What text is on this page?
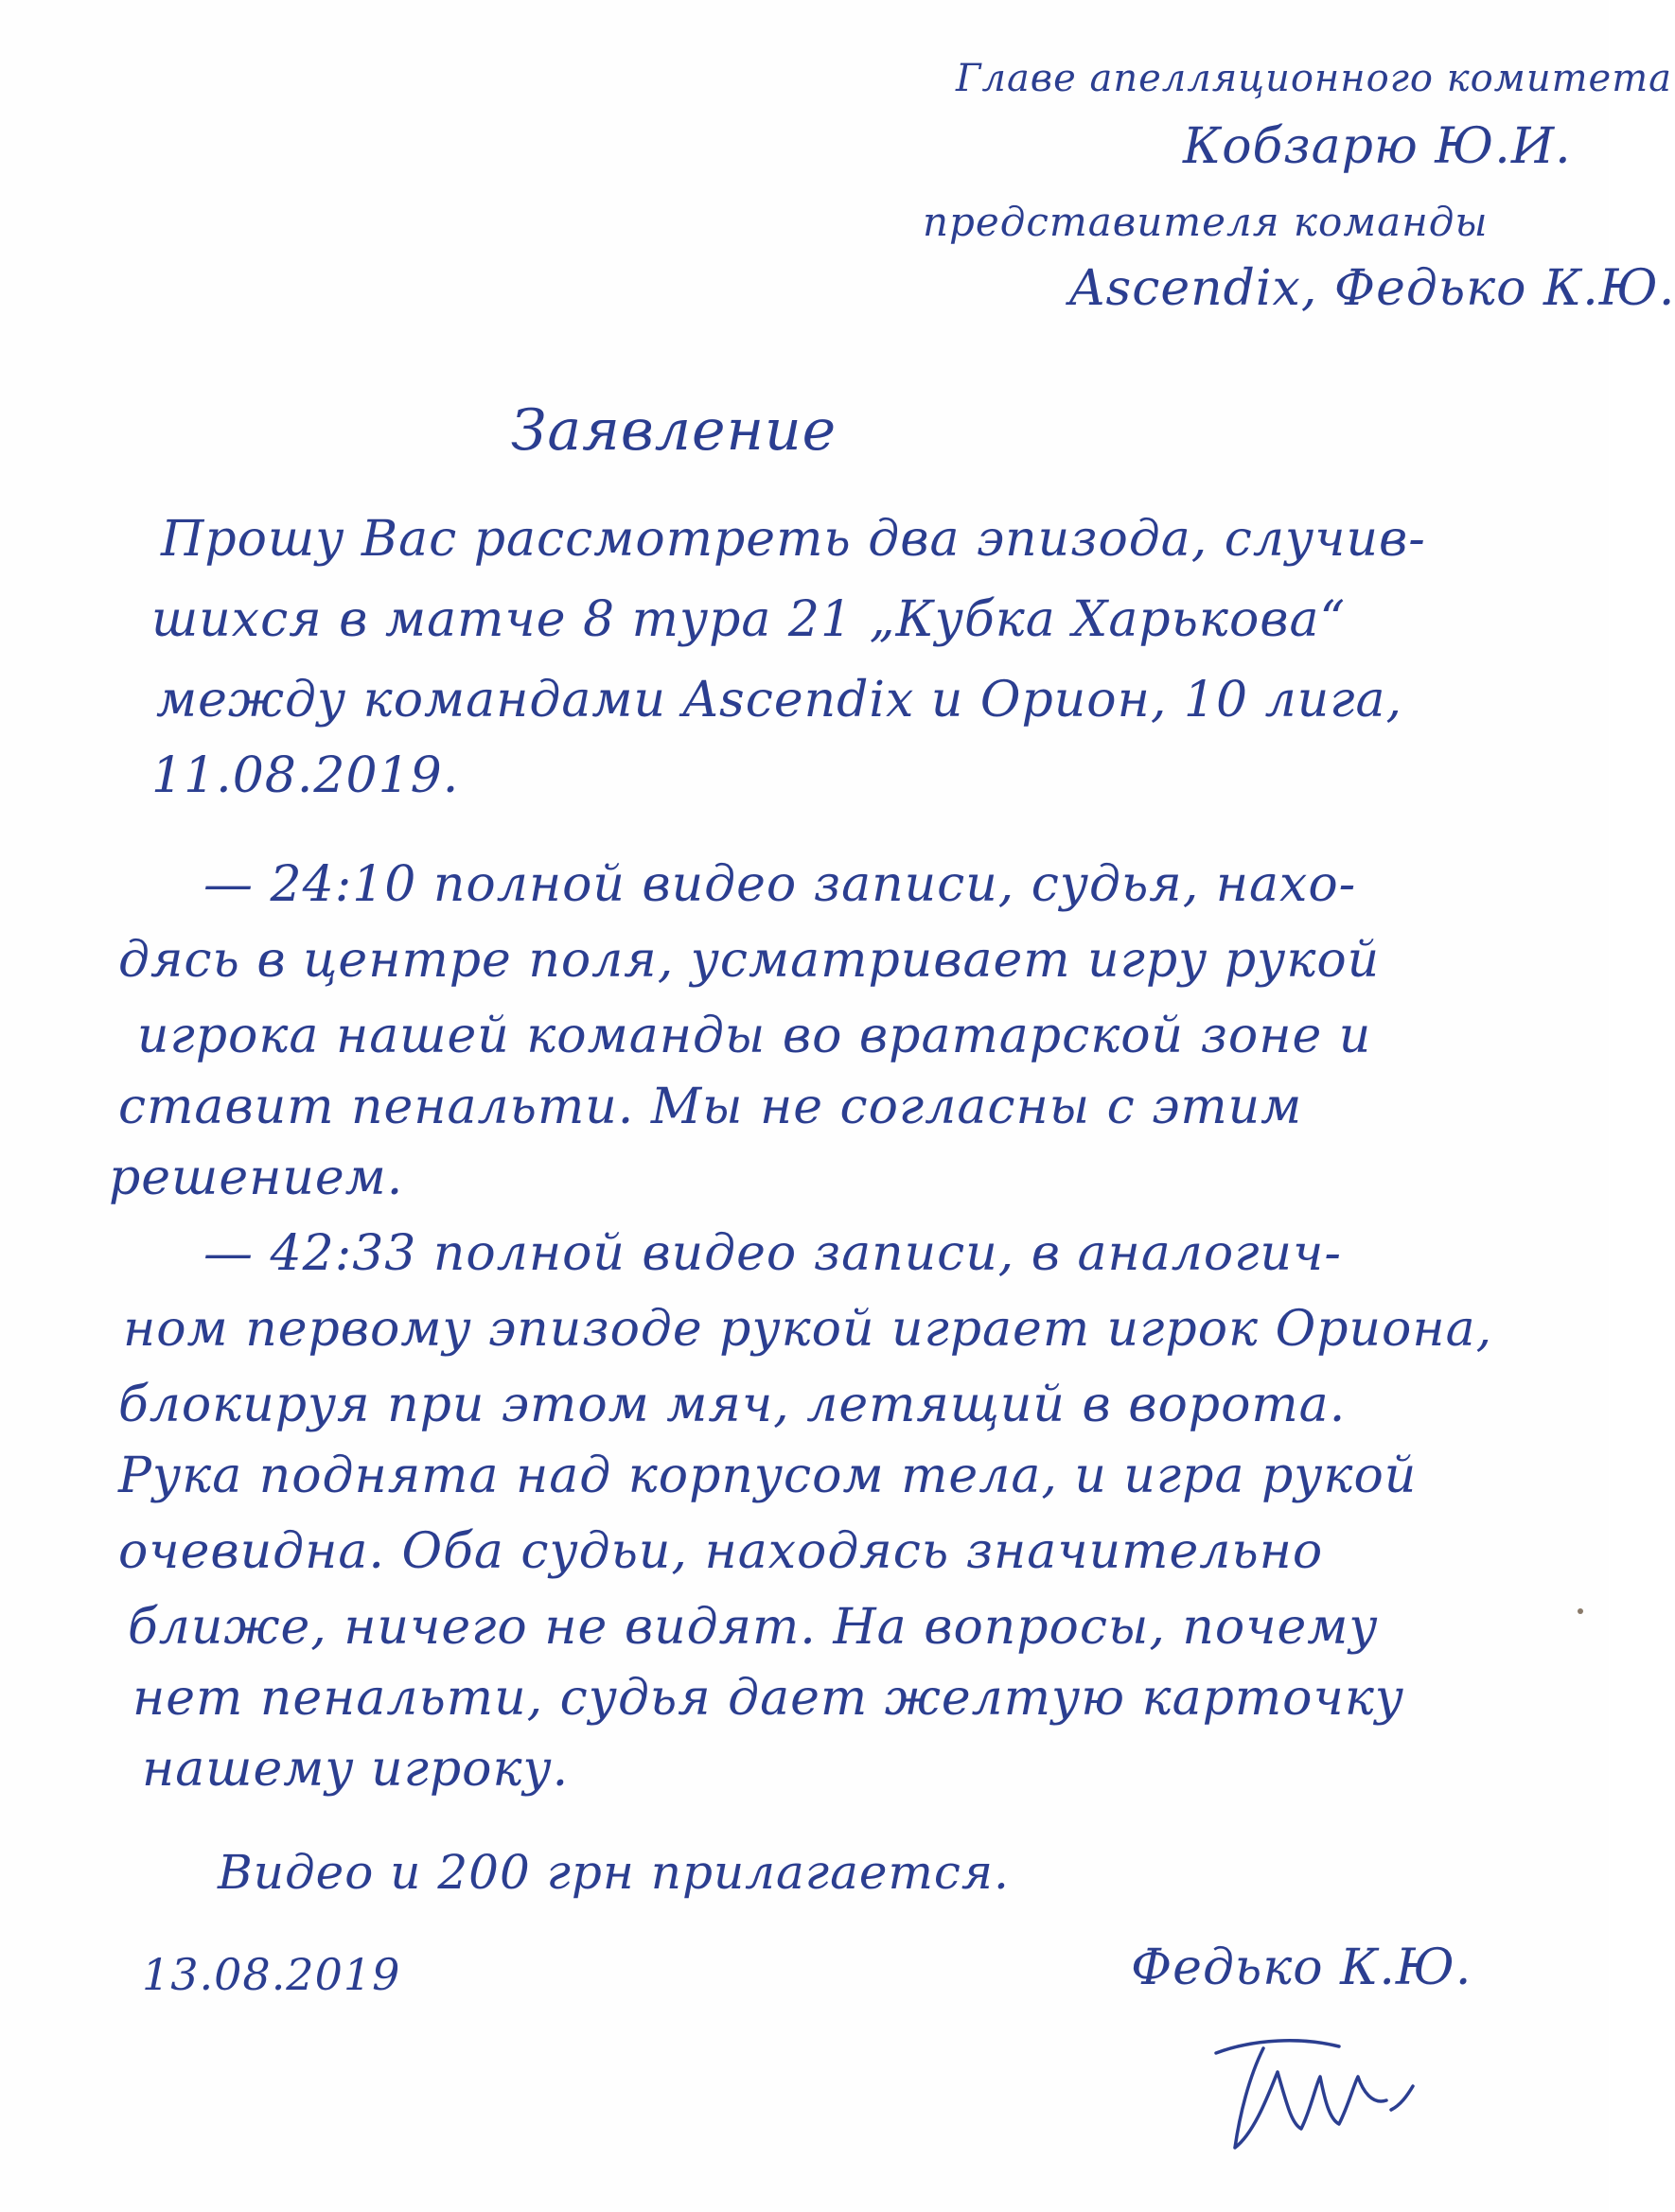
Главе апелляционного комитета
Кобзарю Ю.И.
представителя команды
Ascendix, Федько К.Ю.
Заявление
Прошу Вас рассмотреть два эпизода, случив-
шихся в матче 8 тура 21 „Кубка Харькова“
между командами Ascendix и Орион, 10 лига,
11.08.2019.
— 24:10 полной видео записи, судья, нахо-
дясь в центре поля, усматривает игру рукой
игрока нашей команды во вратарской зоне и
ставит пенальти. Мы не согласны с этим
решением.
— 42:33 полной видео записи, в аналогич-
ном первому эпизоде рукой играет игрок Ориона,
блокируя при этом мяч, летящий в ворота.
Рука поднята над корпусом тела, и игра рукой
очевидна. Оба судьи, находясь значительно
ближе, ничего не видят. На вопросы, почему
нет пенальти, судья дает желтую карточку
нашему игроку.
Видео и 200 грн прилагается.
13.08.2019	Федько К.Ю.
